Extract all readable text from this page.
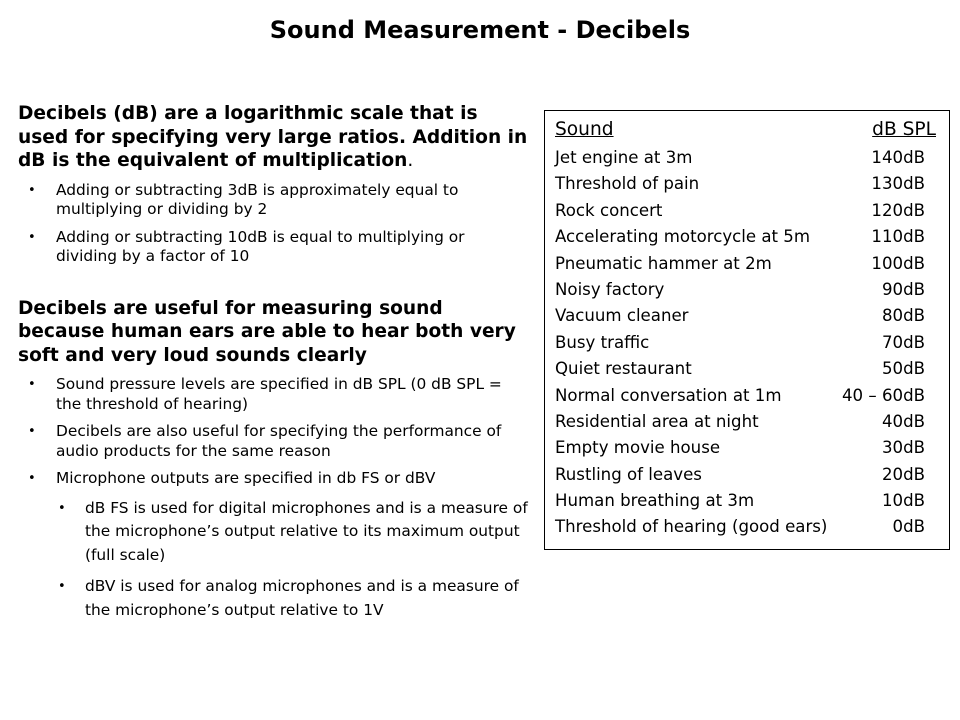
Sound Measurement - Decibels

Decibels (dB) are a logarithmic scale that is used for specifying very large ratios. Addition in dB is the equivalent of multiplication.

• Adding or subtracting 3dB is approximately equal to multiplying or dividing by 2
• Adding or subtracting 10dB is equal to multiplying or dividing by a factor of 10

Decibels are useful for measuring sound because human ears are able to hear both very soft and very loud sounds clearly

• Sound pressure levels are specified in dB SPL (0 dB SPL = the threshold of hearing)
• Decibels are also useful for specifying the performance of audio products for the same reason
• Microphone outputs are specified in db FS or dBV
• dB FS is used for digital microphones and is a measure of the microphone’s output relative to its maximum output (full scale)
• dBV is used for analog microphones and is a measure of the microphone’s output relative to 1V
Sound	dB SPL
Jet engine at 3m	140dB
Threshold of pain	130dB
Rock concert	120dB
Accelerating motorcycle at 5m	110dB
Pneumatic hammer at 2m	100dB
Noisy factory	90dB
Vacuum cleaner	80dB
Busy traffic	70dB
Quiet restaurant	50dB
Normal conversation at 1m	40 – 60dB
Residential area at night	40dB
Empty movie house	30dB
Rustling of leaves	20dB
Human breathing at 3m	10dB
Threshold of hearing (good ears)	0dB
